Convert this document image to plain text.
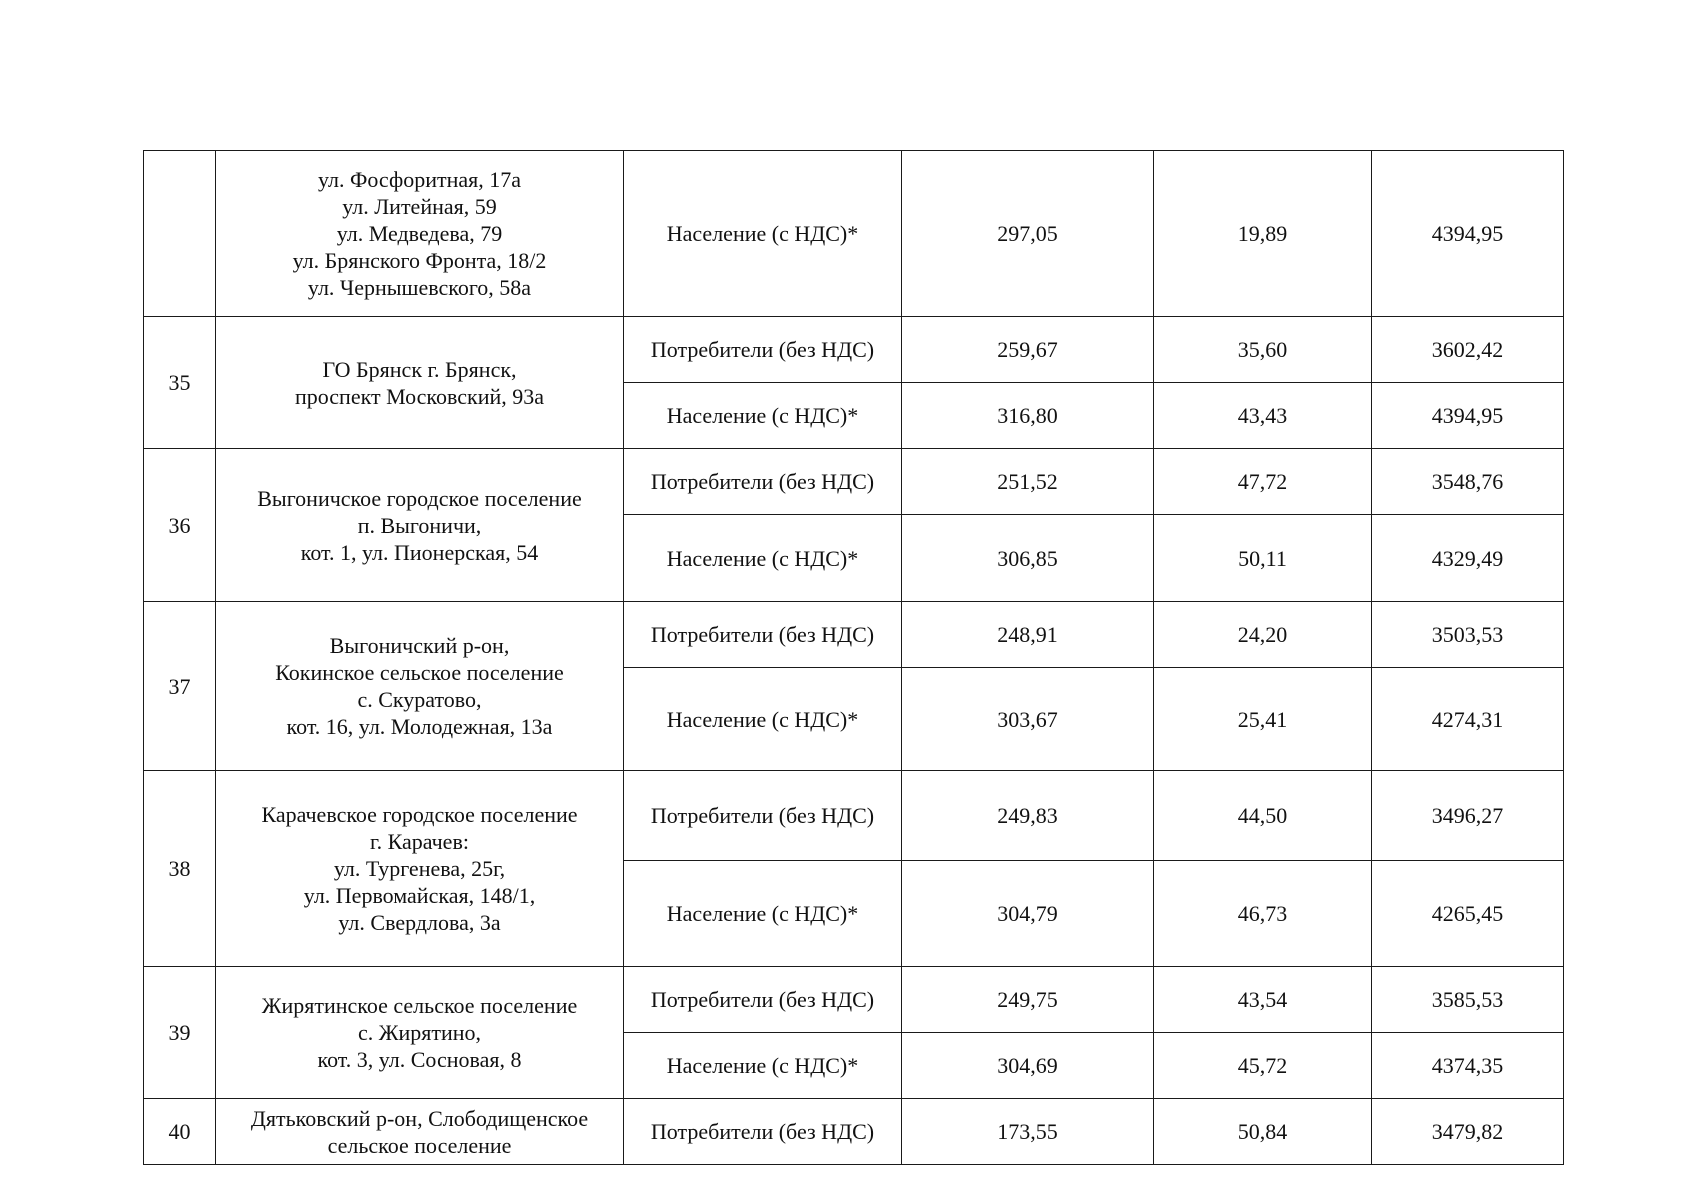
	ул. Фосфоритная, 17а
ул. Литейная, 59
ул. Медведева, 79
ул. Брянского Фронта, 18/2
ул. Чернышевского, 58а	Население (с НДС)*	297,05	19,89	4394,95
35	ГО Брянск г. Брянск,
проспект Московский, 93а	Потребители (без НДС)	259,67	35,60	3602,42
		Население (с НДС)*	316,80	43,43	4394,95
36	Выгоничское городское поселение
п. Выгоничи,
кот. 1, ул. Пионерская, 54	Потребители (без НДС)	251,52	47,72	3548,76
		Население (с НДС)*	306,85	50,11	4329,49
37	Выгоничский р-он,
Кокинское сельское поселение
с. Скуратово,
кот. 16, ул. Молодежная, 13а	Потребители (без НДС)	248,91	24,20	3503,53
		Население (с НДС)*	303,67	25,41	4274,31
38	Карачевское городское поселение
г. Карачев:
ул. Тургенева, 25г,
ул. Первомайская, 148/1,
ул. Свердлова, 3а	Потребители (без НДС)	249,83	44,50	3496,27
		Население (с НДС)*	304,79	46,73	4265,45
39	Жирятинское сельское поселение
с. Жирятино,
кот. 3, ул. Сосновая, 8	Потребители (без НДС)	249,75	43,54	3585,53
		Население (с НДС)*	304,69	45,72	4374,35
40	Дятьковский р-он, Слободищенское
сельское поселение	Потребители (без НДС)	173,55	50,84	3479,82
